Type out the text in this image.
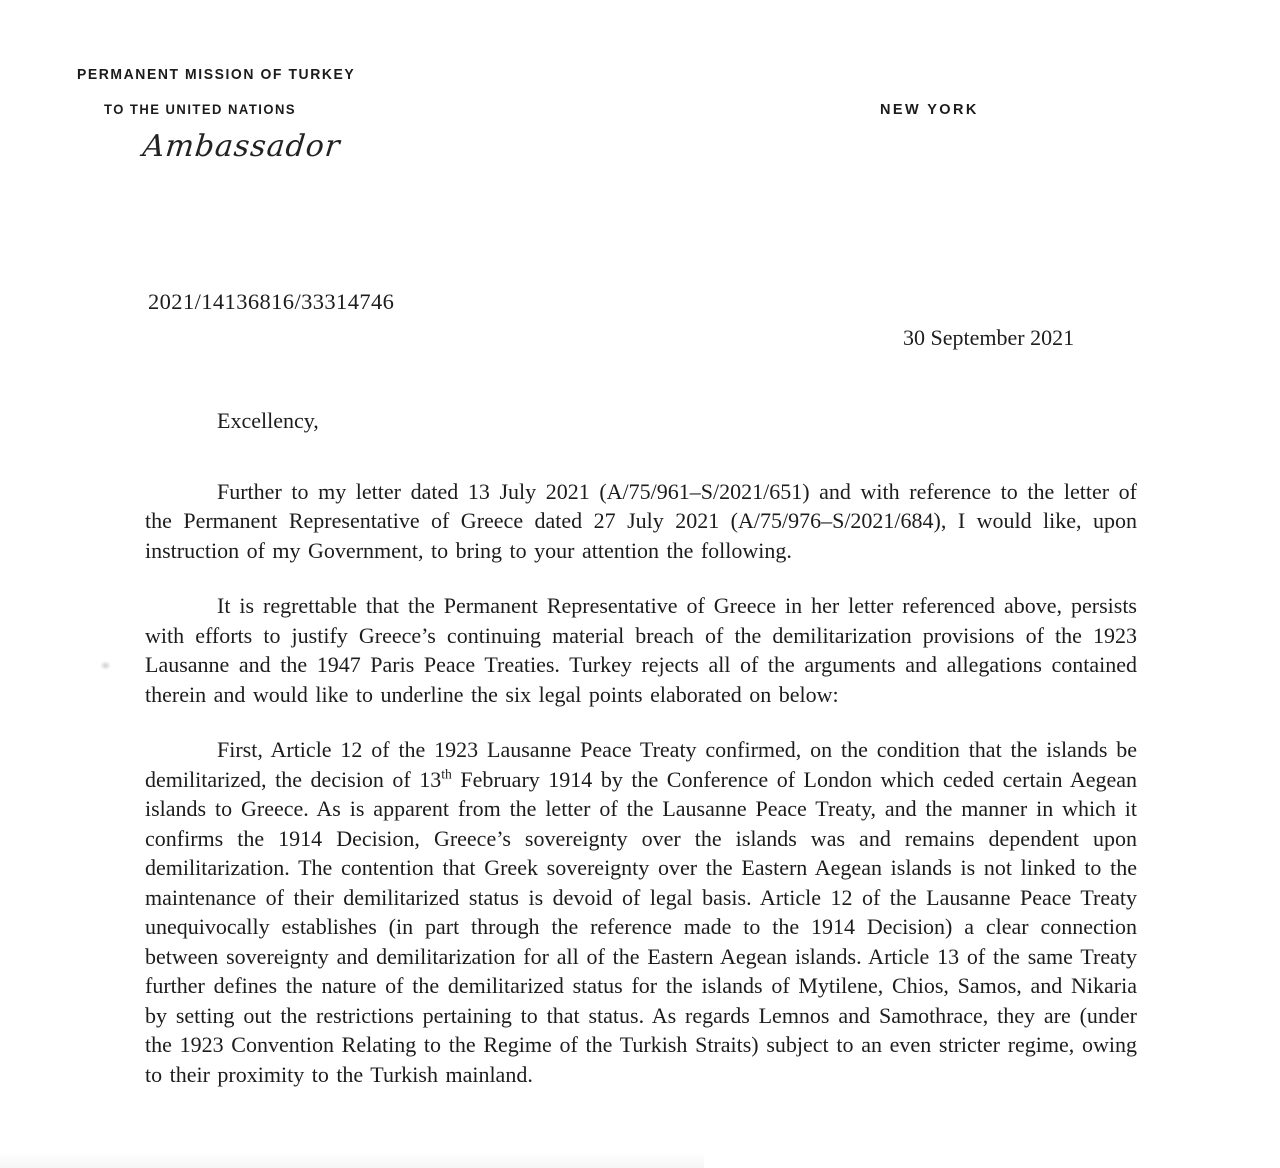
PERMANENT MISSION OF TURKEY
TO THE UNITED NATIONS	NEW YORK
Ambassador
2021/14136816/33314746
30 September 2021

Excellency,

Further to my letter dated 13 July 2021 (A/75/961–S/2021/651) and with reference to the letter of the Permanent Representative of Greece dated 27 July 2021 (A/75/976–S/2021/684), I would like, upon instruction of my Government, to bring to your attention the following.

It is regrettable that the Permanent Representative of Greece in her letter referenced above, persists with efforts to justify Greece’s continuing material breach of the demilitarization provisions of the 1923 Lausanne and the 1947 Paris Peace Treaties. Turkey rejects all of the arguments and allegations contained therein and would like to underline the six legal points elaborated on below:

First, Article 12 of the 1923 Lausanne Peace Treaty confirmed, on the condition that the islands be demilitarized, the decision of 13th February 1914 by the Conference of London which ceded certain Aegean islands to Greece. As is apparent from the letter of the Lausanne Peace Treaty, and the manner in which it confirms the 1914 Decision, Greece’s sovereignty over the islands was and remains dependent upon demilitarization. The contention that Greek sovereignty over the Eastern Aegean islands is not linked to the maintenance of their demilitarized status is devoid of legal basis. Article 12 of the Lausanne Peace Treaty unequivocally establishes (in part through the reference made to the 1914 Decision) a clear connection between sovereignty and demilitarization for all of the Eastern Aegean islands. Article 13 of the same Treaty further defines the nature of the demilitarized status for the islands of Mytilene, Chios, Samos, and Nikaria by setting out the restrictions pertaining to that status. As regards Lemnos and Samothrace, they are (under the 1923 Convention Relating to the Regime of the Turkish Straits) subject to an even stricter regime, owing to their proximity to the Turkish mainland.
